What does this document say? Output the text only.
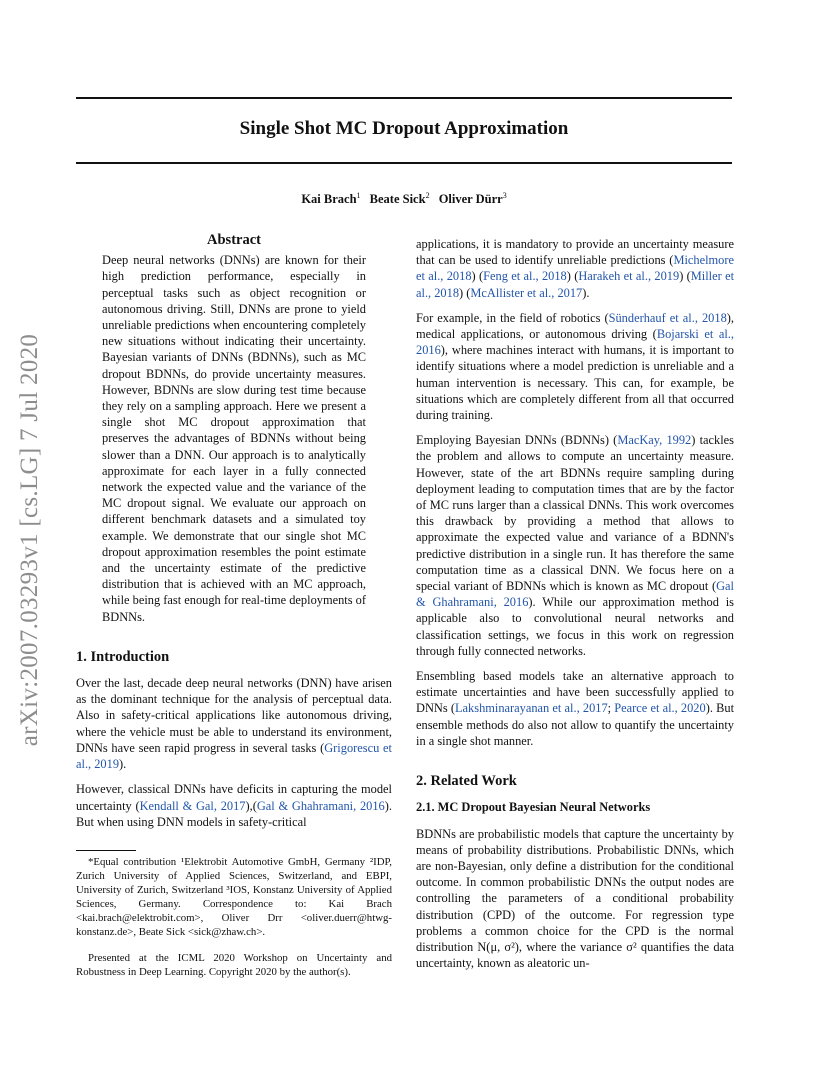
arXiv:2007.03293v1 [cs.LG] 7 Jul 2020
Single Shot MC Dropout Approximation
Kai Brach$^1$ Beate Sick$^2$ Oliver Dürr$^3$
Abstract

Deep neural networks (DNNs) are known for their high prediction performance, especially in perceptual tasks such as object recognition or autonomous driving. Still, DNNs are prone to yield unreliable predictions when encountering completely new situations without indicating their uncertainty. Bayesian variants of DNNs (BDNNs), such as MC dropout BDNNs, do provide uncertainty measures. However, BDNNs are slow during test time because they rely on a sampling approach. Here we present a single shot MC dropout approximation that preserves the advantages of BDNNs without being slower than a DNN. Our approach is to analytically approximate for each layer in a fully connected network the expected value and the variance of the MC dropout signal. We evaluate our approach on different benchmark datasets and a simulated toy example. We demonstrate that our single shot MC dropout approximation resembles the point estimate and the uncertainty estimate of the predictive distribution that is achieved with an MC approach, while being fast enough for real-time deployments of BDNNs.

1. Introduction

Over the last, decade deep neural networks (DNN) have arisen as the dominant technique for the analysis of perceptual data. Also in safety-critical applications like autonomous driving, where the vehicle must be able to understand its environment, DNNs have seen rapid progress in several tasks (Grigorescu et al., 2019).

However, classical DNNs have deficits in capturing the model uncertainty (Kendall & Gal, 2017),(Gal & Ghahramani, 2016). But when using DNN models in safety-critical

*Equal contribution ¹Elektrobit Automotive GmbH, Germany ²IDP, Zurich University of Applied Sciences, Switzerland, and EBPI, University of Zurich, Switzerland ³IOS, Konstanz University of Applied Sciences, Germany. Correspondence to: Kai Brach <kai.brach@elektrobit.com>, Oliver Drr <oliver.duerr@htwg-konstanz.de>, Beate Sick <sick@zhaw.ch>.

Presented at the ICML 2020 Workshop on Uncertainty and Robustness in Deep Learning. Copyright 2020 by the author(s).

applications, it is mandatory to provide an uncertainty measure that can be used to identify unreliable predictions (Michelmore et al., 2018) (Feng et al., 2018) (Harakeh et al., 2019) (Miller et al., 2018) (McAllister et al., 2017).

For example, in the field of robotics (Sünderhauf et al., 2018), medical applications, or autonomous driving (Bojarski et al., 2016), where machines interact with humans, it is important to identify situations where a model prediction is unreliable and a human intervention is necessary. This can, for example, be situations which are completely different from all that occurred during training.

Employing Bayesian DNNs (BDNNs) (MacKay, 1992) tackles the problem and allows to compute an uncertainty measure. However, state of the art BDNNs require sampling during deployment leading to computation times that are by the factor of MC runs larger than a classical DNNs. This work overcomes this drawback by providing a method that allows to approximate the expected value and variance of a BDNN's predictive distribution in a single run. It has therefore the same computation time as a classical DNN. We focus here on a special variant of BDNNs which is known as MC dropout (Gal & Ghahramani, 2016). While our approximation method is applicable also to convolutional neural networks and classification settings, we focus in this work on regression through fully connected networks.

Ensembling based models take an alternative approach to estimate uncertainties and have been successfully applied to DNNs (Lakshminarayanan et al., 2017; Pearce et al., 2020). But ensemble methods do also not allow to quantify the uncertainty in a single shot manner.

2. Related Work
2.1. MC Dropout Bayesian Neural Networks

BDNNs are probabilistic models that capture the uncertainty by means of probability distributions. Probabilistic DNNs, which are non-Bayesian, only define a distribution for the conditional outcome. In common probabilistic DNNs the output nodes are controlling the parameters of a conditional probability distribution (CPD) of the outcome. For regression type problems a common choice for the CPD is the normal distribution N(μ, σ²), where the variance σ² quantifies the data uncertainty, known as aleatoric un-
